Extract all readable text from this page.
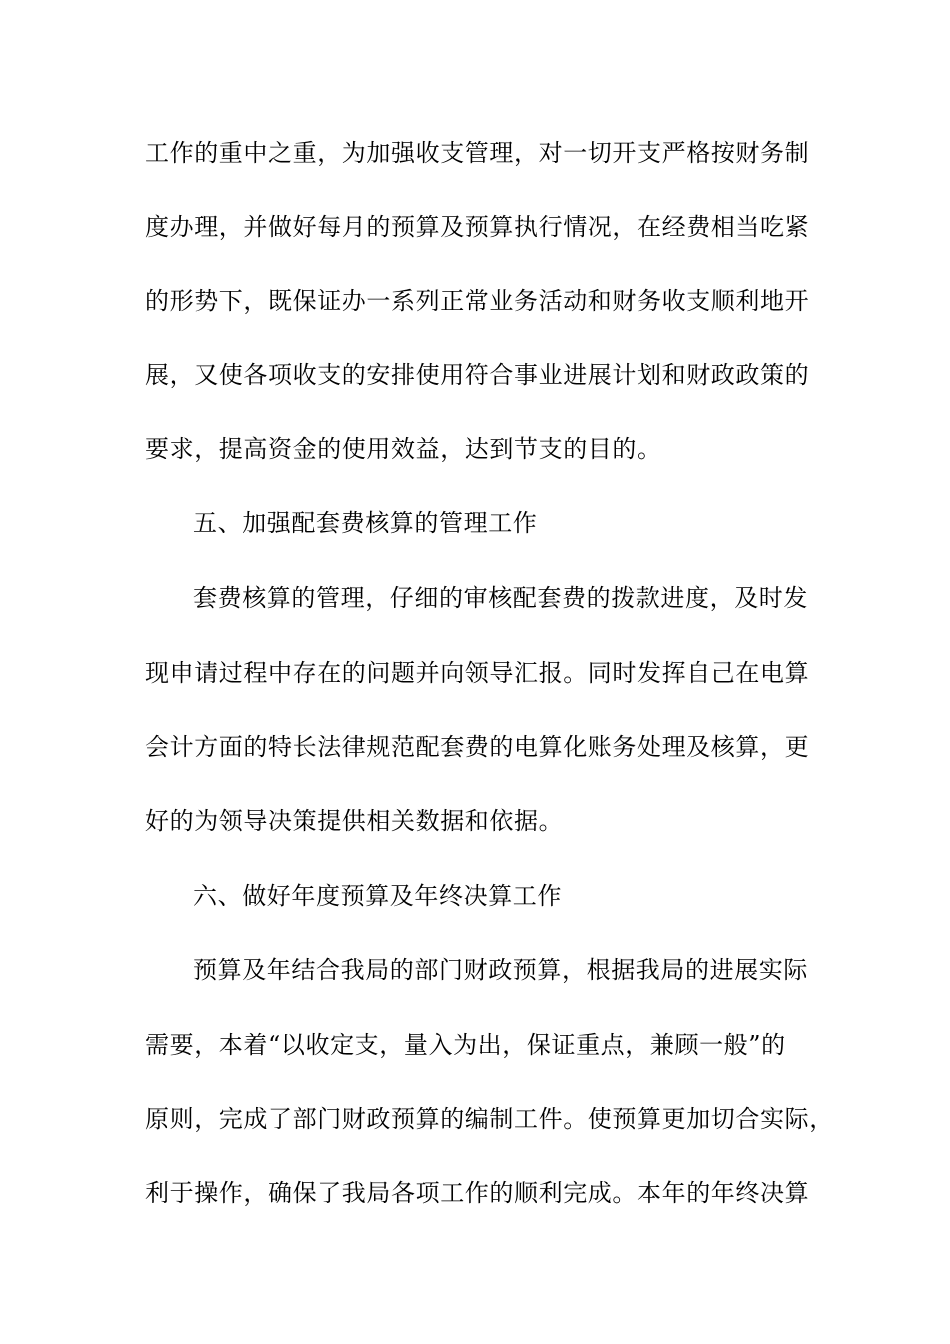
工作的重中之重，为加强收支管理，对一切开支严格按财务制
度办理，并做好每月的预算及预算执行情况，在经费相当吃紧
的形势下，既保证办一系列正常业务活动和财务收支顺利地开
展，又使各项收支的安排使用符合事业进展计划和财政政策的
要求，提高资金的使用效益，达到节支的目的。
五、加强配套费核算的管理工作
套费核算的管理，仔细的审核配套费的拨款进度，及时发
现申请过程中存在的问题并向领导汇报。同时发挥自己在电算
会计方面的特长法律规范配套费的电算化账务处理及核算，更
好的为领导决策提供相关数据和依据。
六、做好年度预算及年终决算工作
预算及年结合我局的部门财政预算，根据我局的进展实际
需要，本着“以收定支，量入为出，保证重点，兼顾一般”的
原则，完成了部门财政预算的编制工件。使预算更加切合实际，
利于操作，确保了我局各项工作的顺利完成。本年的年终决算
